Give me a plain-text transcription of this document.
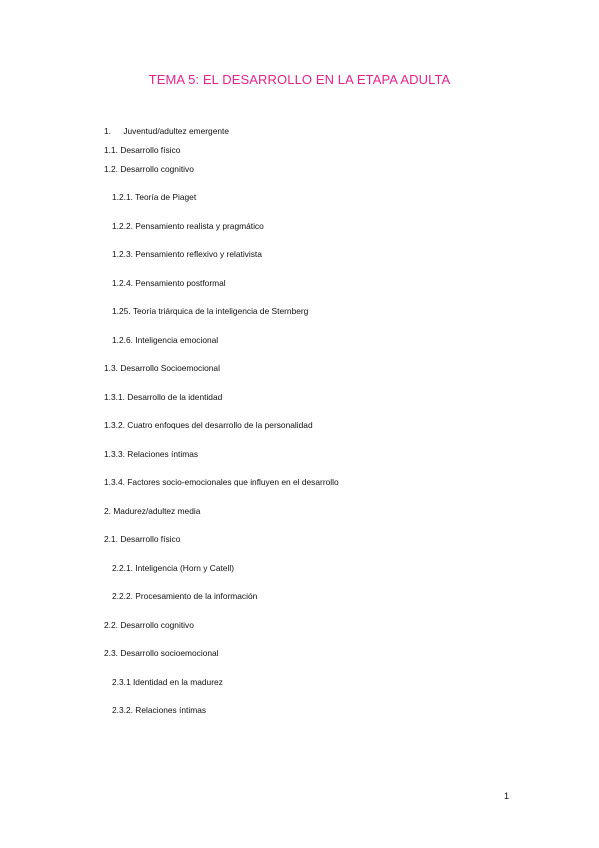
TEMA 5: EL DESARROLLO EN LA ETAPA ADULTA
1. Juventud/adultez emergente
1.1. Desarrollo físico
1.2. Desarrollo cognitivo
1.2.1. Teoría de Piaget
1.2.2. Pensamiento realista y pragmático
1.2.3. Pensamiento reflexivo y relativista
1.2.4. Pensamiento postformal
1.25. Teoría triárquica de la inteligencia de Sternberg
1.2.6. Inteligencia emocional
1.3. Desarrollo Socioemocional
1.3.1. Desarrollo de la identidad
1.3.2. Cuatro enfoques del desarrollo de la personalidad
1.3.3. Relaciones íntimas
1.3.4. Factores socio-emocionales que influyen en el desarrollo
2. Madurez/adultez media
2.1. Desarrollo físico
2.2.1. Inteligencia (Horn y Catell)
2.2.2. Procesamiento de la información
2.2. Desarrollo cognitivo
2.3. Desarrollo socioemocional
2.3.1 Identidad en la madurez
2.3.2. Relaciones íntimas
1
